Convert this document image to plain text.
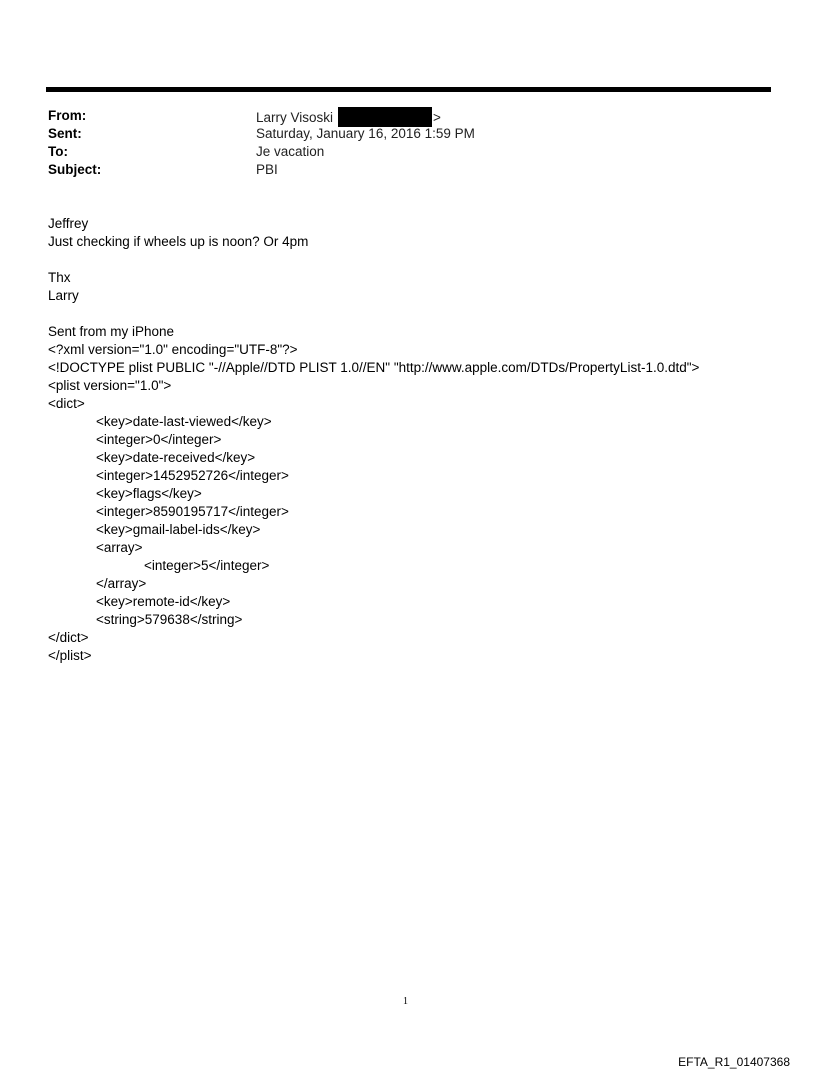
From:
Sent:
To:
Subject:
Larry Visoski	>
Saturday, January 16, 2016 1:59 PM
Je vacation
PBI
Jeffrey
Just checking if wheels up is noon? Or 4pm
Thx
Larry
Sent from my iPhone
<?xml version="1.0" encoding="UTF-8"?>
<!DOCTYPE plist PUBLIC "-//Apple//DTD PLIST 1.0//EN" "http://www.apple.com/DTDs/PropertyList-1.0.dtd">
<plist version="1.0">
<dict>
<key>date-last-viewed</key>
<integer>0</integer>
<key>date-received</key>
<integer>1452952726</integer>
<key>flags</key>
<integer>8590195717</integer>
<key>gmail-label-ids</key>
<array>
<integer>5</integer>
</array>
<key>remote-id</key>
<string>579638</string>
</dict>
</plist>
1
EFTA_R1_01407368
